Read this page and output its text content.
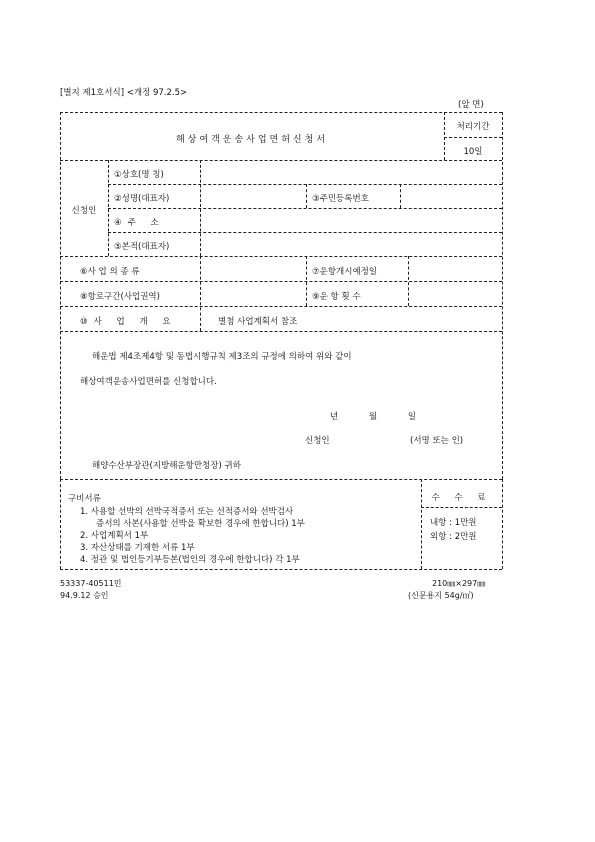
[별지 제1호서식] <개정 97.2.5>
(앞 면)
해상여객운송사업면허신청서
처리기간
10일
신청인
①상호(명 칭)
②성명(대표자)	③주민등록번호
④주 소
⑤본적(대표자)
⑥사 업 의 종 류	⑦운항개시예정일
⑧항로구간(사업권역)	⑨운 항 횟 수
⑩사 업 개 요	별첨 사업계획서 참조
해운법 제4조제4항 및 동법시행규칙 제3조의 규정에 의하여 위와 같이
해상여객운송사업면허를 신청합니다.
년 월 일
신청인	(서명 또는 인)
해양수산부장관(지방해운항만청장) 귀하
구비서류
1. 사용할 선박의 선박국적증서 또는 선적증서와 선박검사
증서의 사본(사용할 선박을 확보한 경우에 한합니다) 1부
2. 사업계획서 1부
3. 자산상태를 기재한 서류 1부
4. 정관 및 법인등기부등본(법인의 경우에 한합니다) 각 1부
수 수 료
내항 : 1만원
외항 : 2만원
53337-40511민
94.9.12 승인
210㎜×297㎜
(신문용지 54g/㎡)
